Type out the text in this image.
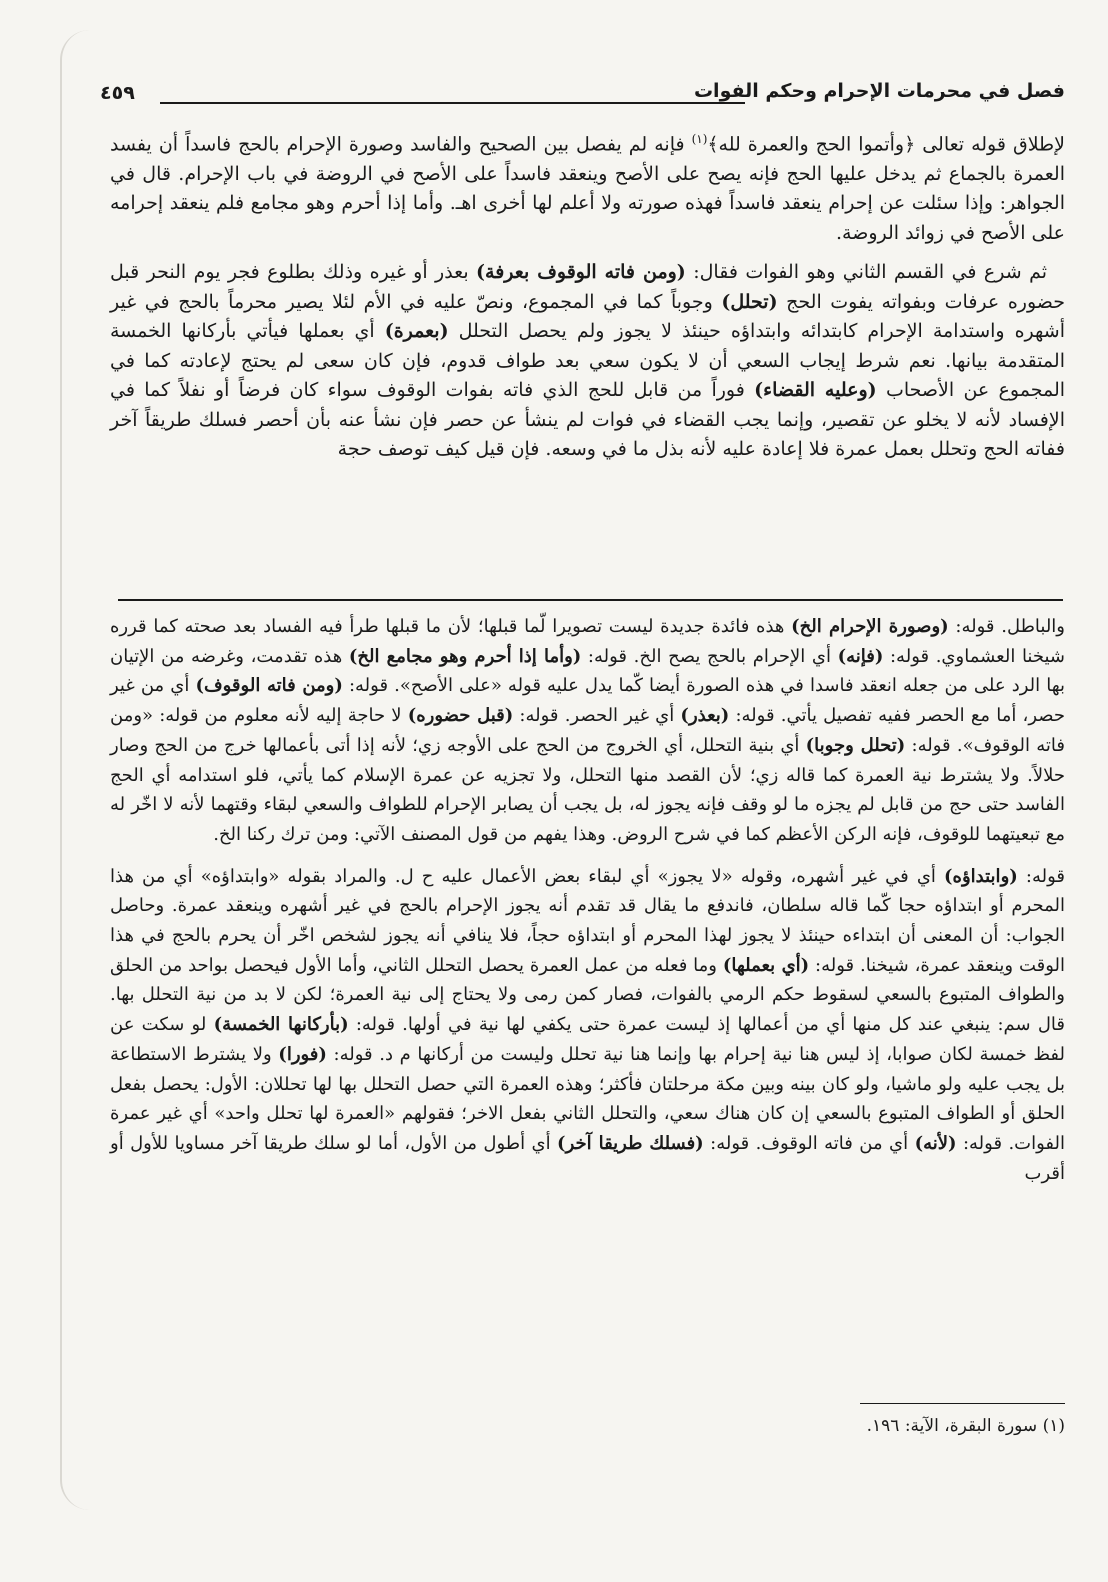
فصل في محرمات الإحرام وحكم الفوات
٤٥٩

لإطلاق قوله تعالى ﴿وأتموا الحج والعمرة لله﴾$^{(١)}$ فإنه لم يفصل بين الصحيح والفاسد وصورة الإحرام بالحج فاسداً أن يفسد العمرة بالجماع ثم يدخل عليها الحج فإنه يصح على الأصح وينعقد فاسداً على الأصح في الروضة في باب الإحرام. قال في الجواهر: وإذا سئلت عن إحرام ينعقد فاسداً فهذه صورته ولا أعلم لها أخرى اهـ. وأما إذا أحرم وهو مجامع فلم ينعقد إحرامه على الأصح في زوائد الروضة.

ثم شرع في القسم الثاني وهو الفوات فقال: (ومن فاته الوقوف بعرفة) بعذر أو غيره وذلك بطلوع فجر يوم النحر قبل حضوره عرفات وبفواته يفوت الحج (تحلل) وجوباً كما في المجموع، ونصّ عليه في الأم لئلا يصير محرماً بالحج في غير أشهره واستدامة الإحرام كابتدائه وابتداؤه حينئذ لا يجوز ولم يحصل التحلل (بعمرة) أي بعملها فيأتي بأركانها الخمسة المتقدمة بيانها. نعم شرط إيجاب السعي أن لا يكون سعي بعد طواف قدوم، فإن كان سعى لم يحتج لإعادته كما في المجموع عن الأصحاب (وعليه القضاء) فوراً من قابل للحج الذي فاته بفوات الوقوف سواء كان فرضاً أو نفلاً كما في الإفساد لأنه لا يخلو عن تقصير، وإنما يجب القضاء في فوات لم ينشأ عن حصر فإن نشأ عنه بأن أحصر فسلك طريقاً آخر ففاته الحج وتحلل بعمل عمرة فلا إعادة عليه لأنه بذل ما في وسعه. فإن قيل كيف توصف حجة

والباطل. قوله: (وصورة الإحرام الخ) هذه فائدة جديدة ليست تصويرا لّما قبلها؛ لأن ما قبلها طرأ فيه الفساد بعد صحته كما قرره شيخنا العشماوي. قوله: (فإنه) أي الإحرام بالحج يصح الخ. قوله: (وأما إذا أحرم وهو مجامع الخ) هذه تقدمت، وغرضه من الإتيان بها الرد على من جعله انعقد فاسدا في هذه الصورة أيضا كّما يدل عليه قوله «على الأصح». قوله: (ومن فاته الوقوف) أي من غير حصر، أما مع الحصر ففيه تفصيل يأتي. قوله: (بعذر) أي غير الحصر. قوله: (قبل حضوره) لا حاجة إليه لأنه معلوم من قوله: «ومن فاته الوقوف». قوله: (تحلل وجوبا) أي بنية التحلل، أي الخروج من الحج على الأوجه زي؛ لأنه إذا أتى بأعمالها خرج من الحج وصار حلالاً. ولا يشترط نية العمرة كما قاله زي؛ لأن القصد منها التحلل، ولا تجزيه عن عمرة الإسلام كما يأتي، فلو استدامه أي الحج الفاسد حتى حج من قابل لم يجزه ما لو وقف فإنه يجوز له، بل يجب أن يصابر الإحرام للطواف والسعي لبقاء وقتهما لأنه لا اخّر له مع تبعيتهما للوقوف، فإنه الركن الأعظم كما في شرح الروض. وهذا يفهم من قول المصنف الآتي: ومن ترك ركنا الخ.

قوله: (وابتداؤه) أي في غير أشهره، وقوله «لا يجوز» أي لبقاء بعض الأعمال عليه ح ل. والمراد بقوله «وابتداؤه» أي من هذا المحرم أو ابتداؤه حجا كّما قاله سلطان، فاندفع ما يقال قد تقدم أنه يجوز الإحرام بالحج في غير أشهره وينعقد عمرة. وحاصل الجواب: أن المعنى أن ابتداءه حينئذ لا يجوز لهذا المحرم أو ابتداؤه حجاً، فلا ينافي أنه يجوز لشخص اخّر أن يحرم بالحج في هذا الوقت وينعقد عمرة، شيخنا. قوله: (أي بعملها) وما فعله من عمل العمرة يحصل التحلل الثاني، وأما الأول فيحصل بواحد من الحلق والطواف المتبوع بالسعي لسقوط حكم الرمي بالفوات، فصار كمن رمى ولا يحتاج إلى نية العمرة؛ لكن لا بد من نية التحلل بها. قال سم: ينبغي عند كل منها أي من أعمالها إذ ليست عمرة حتى يكفي لها نية في أولها. قوله: (بأركانها الخمسة) لو سكت عن لفظ خمسة لكان صوابا، إذ ليس هنا نية إحرام بها وإنما هنا نية تحلل وليست من أركانها م د. قوله: (فورا) ولا يشترط الاستطاعة بل يجب عليه ولو ماشيا، ولو كان بينه وبين مكة مرحلتان فأكثر؛ وهذه العمرة التي حصل التحلل بها لها تحللان: الأول: يحصل بفعل الحلق أو الطواف المتبوع بالسعي إن كان هناك سعي، والتحلل الثاني بفعل الاخر؛ فقولهم «العمرة لها تحلل واحد» أي غير عمرة الفوات. قوله: (لأنه) أي من فاته الوقوف. قوله: (فسلك طريقا آخر) أي أطول من الأول، أما لو سلك طريقا آخر مساويا للأول أو أقرب

(١) سورة البقرة، الآية: ١٩٦.
